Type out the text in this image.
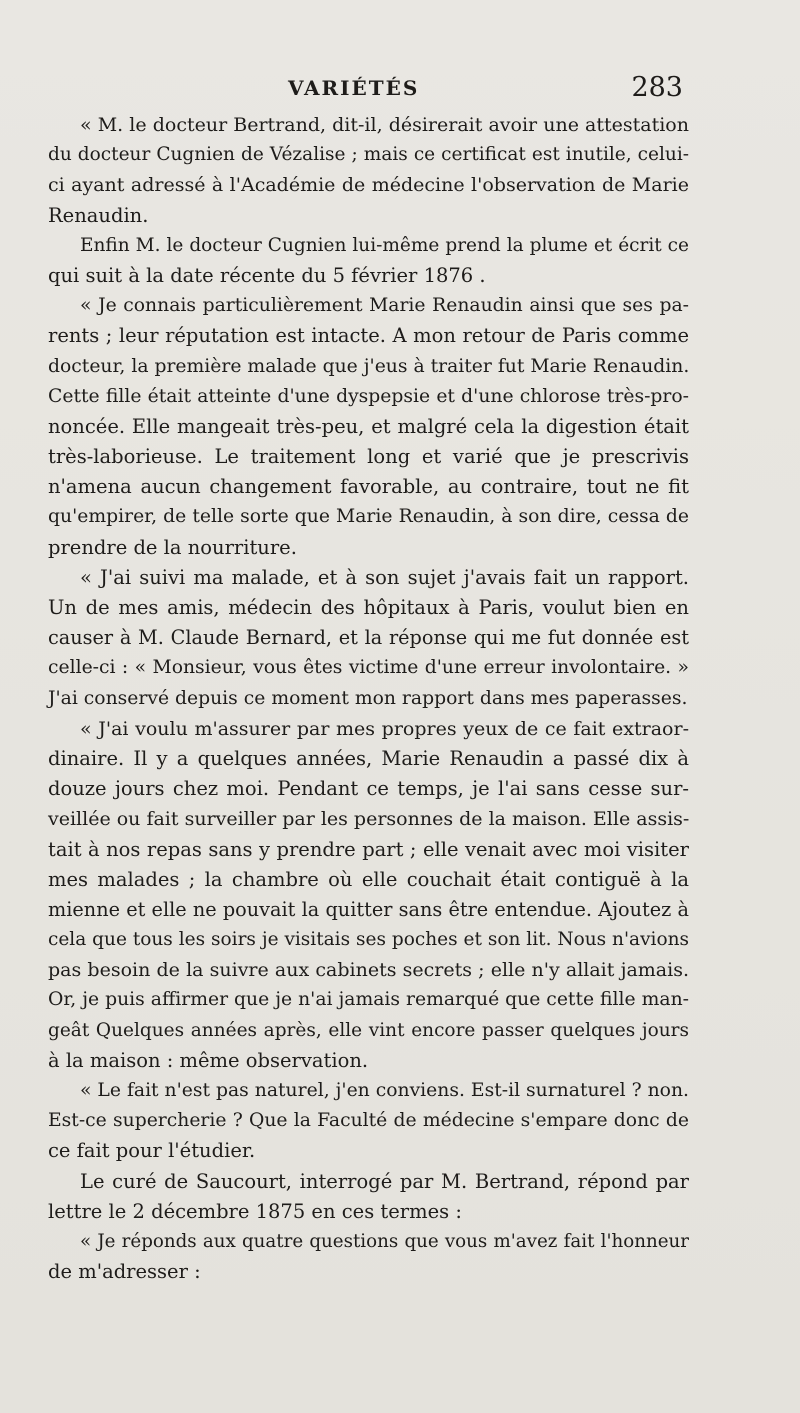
VARIÉTÉS	283
« M. le docteur Bertrand, dit-il, désirerait avoir une attestation
du docteur Cugnien de Vézalise ; mais ce certificat est inutile, celui-
ci ayant adressé à l'Académie de médecine l'observation de Marie
Renaudin.
Enfin M. le docteur Cugnien lui-même prend la plume et écrit ce
qui suit à la date récente du 5 février 1876 .
« Je connais particulièrement Marie Renaudin ainsi que ses pa-
rents ; leur réputation est intacte. A mon retour de Paris comme
docteur, la première malade que j'eus à traiter fut Marie Renaudin.
Cette fille était atteinte d'une dyspepsie et d'une chlorose très-pro-
noncée. Elle mangeait très-peu, et malgré cela la digestion était
très-laborieuse. Le traitement long et varié que je prescrivis
n'amena aucun changement favorable, au contraire, tout ne fit
qu'empirer, de telle sorte que Marie Renaudin, à son dire, cessa de
prendre de la nourriture.
« J'ai suivi ma malade, et à son sujet j'avais fait un rapport.
Un de mes amis, médecin des hôpitaux à Paris, voulut bien en
causer à M. Claude Bernard, et la réponse qui me fut donnée est
celle-ci : « Monsieur, vous êtes victime d'une erreur involontaire. »
J'ai conservé depuis ce moment mon rapport dans mes paperasses.
« J'ai voulu m'assurer par mes propres yeux de ce fait extraor-
dinaire. Il y a quelques années, Marie Renaudin a passé dix à
douze jours chez moi. Pendant ce temps, je l'ai sans cesse sur-
veillée ou fait surveiller par les personnes de la maison. Elle assis-
tait à nos repas sans y prendre part ; elle venait avec moi visiter
mes malades ; la chambre où elle couchait était contiguë à la
mienne et elle ne pouvait la quitter sans être entendue. Ajoutez à
cela que tous les soirs je visitais ses poches et son lit. Nous n'avions
pas besoin de la suivre aux cabinets secrets ; elle n'y allait jamais.
Or, je puis affirmer que je n'ai jamais remarqué que cette fille man-
geât Quelques années après, elle vint encore passer quelques jours
à la maison : même observation.
« Le fait n'est pas naturel, j'en conviens. Est-il surnaturel ? non.
Est-ce supercherie ? Que la Faculté de médecine s'empare donc de
ce fait pour l'étudier.
Le curé de Saucourt, interrogé par M. Bertrand, répond par
lettre le 2 décembre 1875 en ces termes :
« Je réponds aux quatre questions que vous m'avez fait l'honneur
de m'adresser :
